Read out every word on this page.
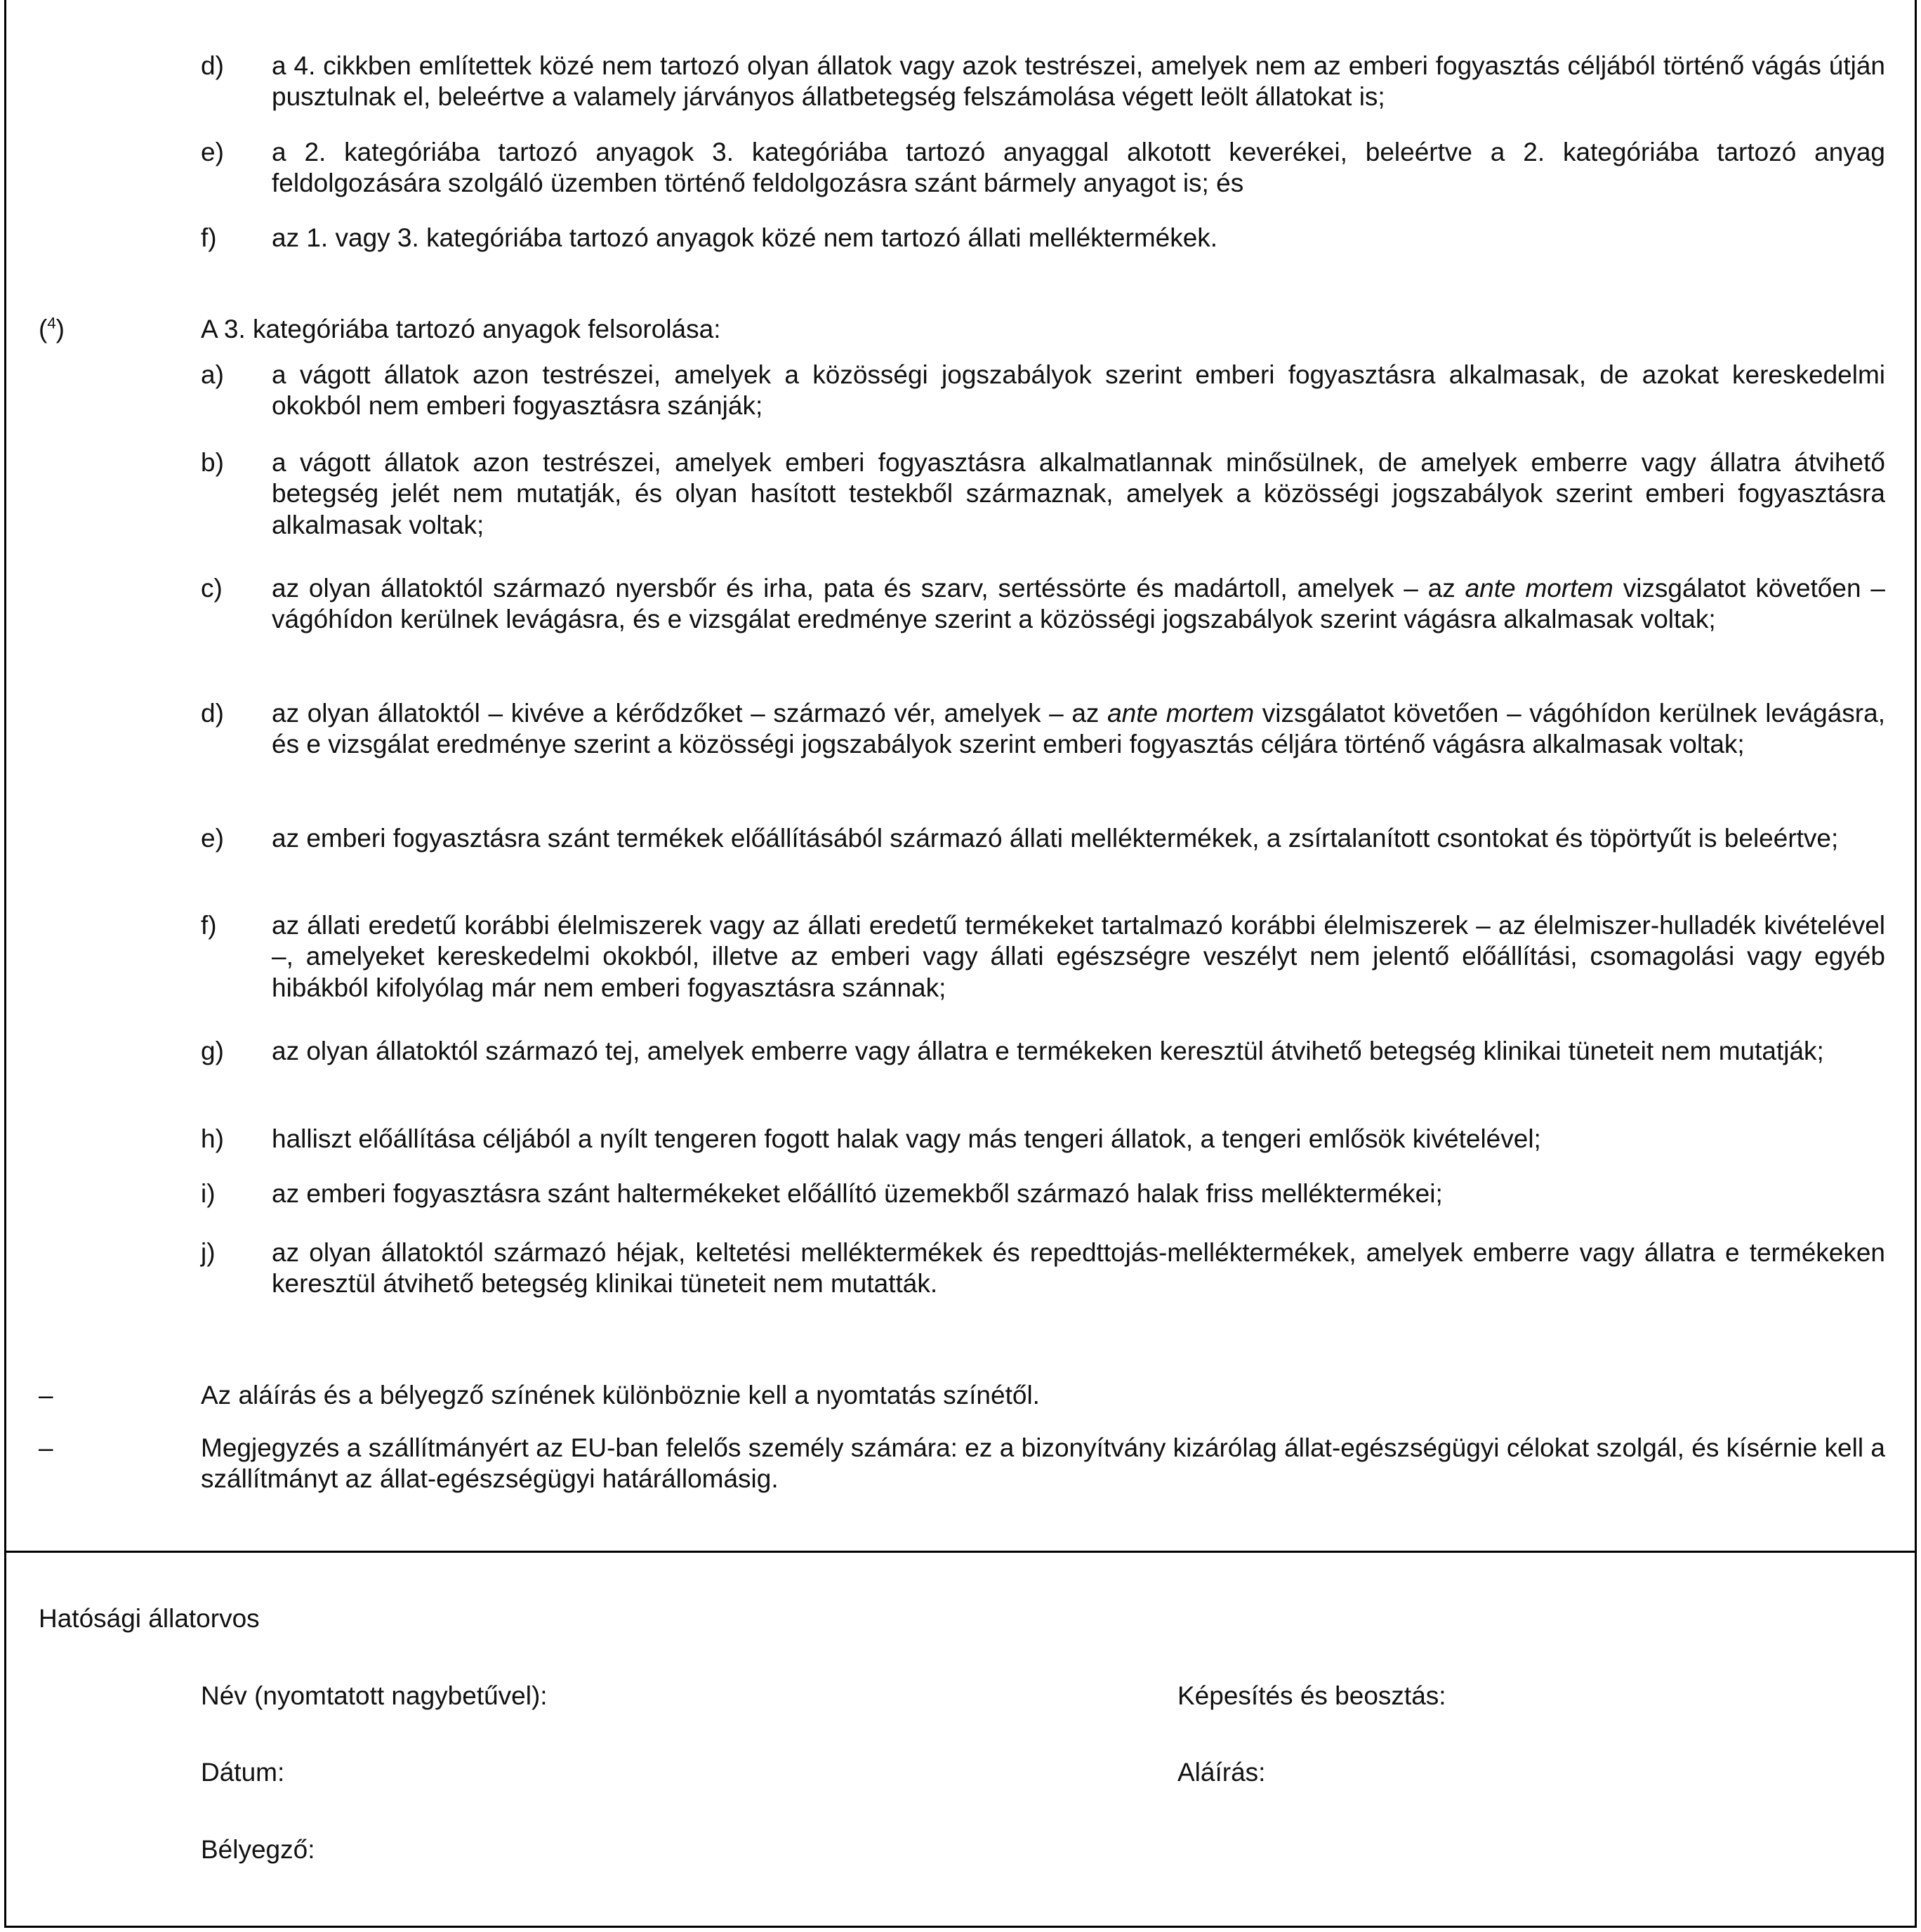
d)	a 4. cikkben említettek közé nem tartozó olyan állatok vagy azok testrészei, amelyek nem az emberi fogyasztás céljából történő vágás útján pusztulnak el, beleértve a valamely járványos állatbetegség felszámolása végett leölt állatokat is;
e)	a 2. kategóriába tartozó anyagok 3. kategóriába tartozó anyaggal alkotott keverékei, beleértve a 2. kategóriába tartozó anyag feldolgozására szolgáló üzemben történő feldolgozásra szánt bármely anyagot is; és
f)	az 1. vagy 3. kategóriába tartozó anyagok közé nem tartozó állati melléktermékek.
($^4$)	A 3. kategóriába tartozó anyagok felsorolása:
a)	a vágott állatok azon testrészei, amelyek a közösségi jogszabályok szerint emberi fogyasztásra alkalmasak, de azokat kereskedelmi okokból nem emberi fogyasztásra szánják;
b)	a vágott állatok azon testrészei, amelyek emberi fogyasztásra alkalmatlannak minősülnek, de amelyek emberre vagy állatra átvihető betegség jelét nem mutatják, és olyan hasított testekből származnak, amelyek a közösségi jogszabályok szerint emberi fogyasztásra alkalmasak voltak;
c)	az olyan állatoktól származó nyersbőr és irha, pata és szarv, sertéssörte és madártoll, amelyek – az ante mortem vizsgálatot követően – vágóhídon kerülnek levágásra, és e vizsgálat eredménye szerint a közösségi jogszabályok szerint vágásra alkalmasak voltak;
d)	az olyan állatoktól – kivéve a kérődzőket – származó vér, amelyek – az ante mortem vizsgálatot követően – vágóhídon kerülnek levágásra, és e vizsgálat eredménye szerint a közösségi jogszabályok szerint emberi fogyasztás céljára történő vágásra alkalmasak voltak;
e)	az emberi fogyasztásra szánt termékek előállításából származó állati melléktermékek, a zsírtalanított csontokat és töpörtyűt is beleértve;
f)	az állati eredetű korábbi élelmiszerek vagy az állati eredetű termékeket tartalmazó korábbi élelmiszerek – az élelmiszer-hulladék kivételével –, amelyeket kereskedelmi okokból, illetve az emberi vagy állati egészségre veszélyt nem jelentő előállítási, csomagolási vagy egyéb hibákból kifolyólag már nem emberi fogyasztásra szánnak;
g)	az olyan állatoktól származó tej, amelyek emberre vagy állatra e termékeken keresztül átvihető betegség klinikai tüneteit nem mutatják;
h)	halliszt előállítása céljából a nyílt tengeren fogott halak vagy más tengeri állatok, a tengeri emlősök kivételével;
i)	az emberi fogyasztásra szánt haltermékeket előállító üzemekből származó halak friss melléktermékei;
j)	az olyan állatoktól származó héjak, keltetési melléktermékek és repedttojás-melléktermékek, amelyek emberre vagy állatra e termékeken keresztül átvihető betegség klinikai tüneteit nem mutatták.
–	Az aláírás és a bélyegző színének különböznie kell a nyomtatás színétől.
–	Megjegyzés a szállítmányért az EU-ban felelős személy számára: ez a bizonyítvány kizárólag állat-egészségügyi célokat szolgál, és kísérnie kell a szállítmányt az állat-egészségügyi határállomásig.
Hatósági állatorvos
Név (nyomtatott nagybetűvel):	Képesítés és beosztás:
Dátum:	Aláírás:
Bélyegző:
